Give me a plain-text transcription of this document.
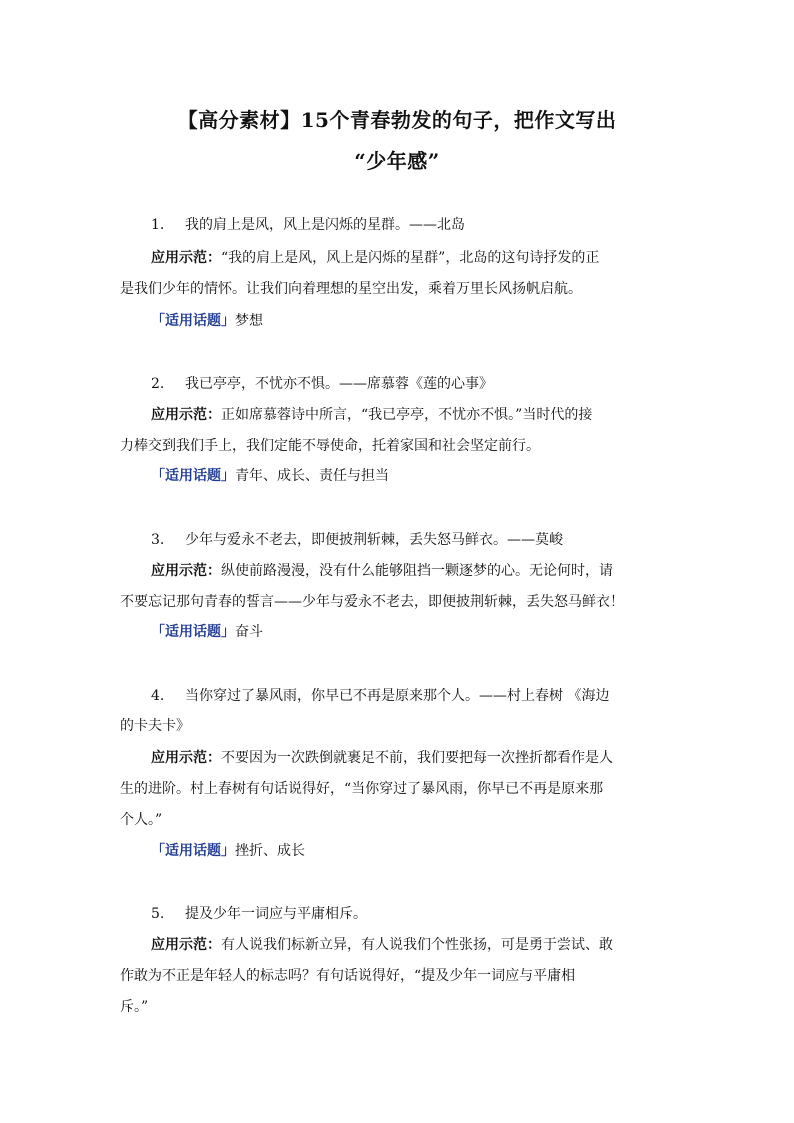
【高分素材】15个青春勃发的句子，把作文写出
“少年感”
1. 我的肩上是风，风上是闪烁的星群。——北岛
应用示范：“我的肩上是风，风上是闪烁的星群”，北岛的这句诗抒发的正
是我们少年的情怀。让我们向着理想的星空出发，乘着万里长风扬帆启航。
「适用话题」梦想
2. 我已亭亭，不忧亦不惧。——席慕蓉《莲的心事》
应用示范：正如席慕蓉诗中所言，“我已亭亭，不忧亦不惧。”当时代的接
力棒交到我们手上，我们定能不辱使命，托着家国和社会坚定前行。
「适用话题」青年、成长、责任与担当
3. 少年与爱永不老去，即便披荆斩棘，丢失怒马鲜衣。——莫峻
应用示范：纵使前路漫漫，没有什么能够阻挡一颗逐梦的心。无论何时，请
不要忘记那句青春的誓言——少年与爱永不老去，即便披荆斩棘，丢失怒马鲜衣！
「适用话题」奋斗
4. 当你穿过了暴风雨，你早已不再是原来那个人。——村上春树 《海边
的卡夫卡》
应用示范：不要因为一次跌倒就裹足不前，我们要把每一次挫折都看作是人
生的进阶。村上春树有句话说得好，“当你穿过了暴风雨，你早已不再是原来那
个人。”
「适用话题」挫折、成长
5. 提及少年一词应与平庸相斥。
应用示范：有人说我们标新立异，有人说我们个性张扬，可是勇于尝试、敢
作敢为不正是年轻人的标志吗？有句话说得好，“提及少年一词应与平庸相
斥。”
